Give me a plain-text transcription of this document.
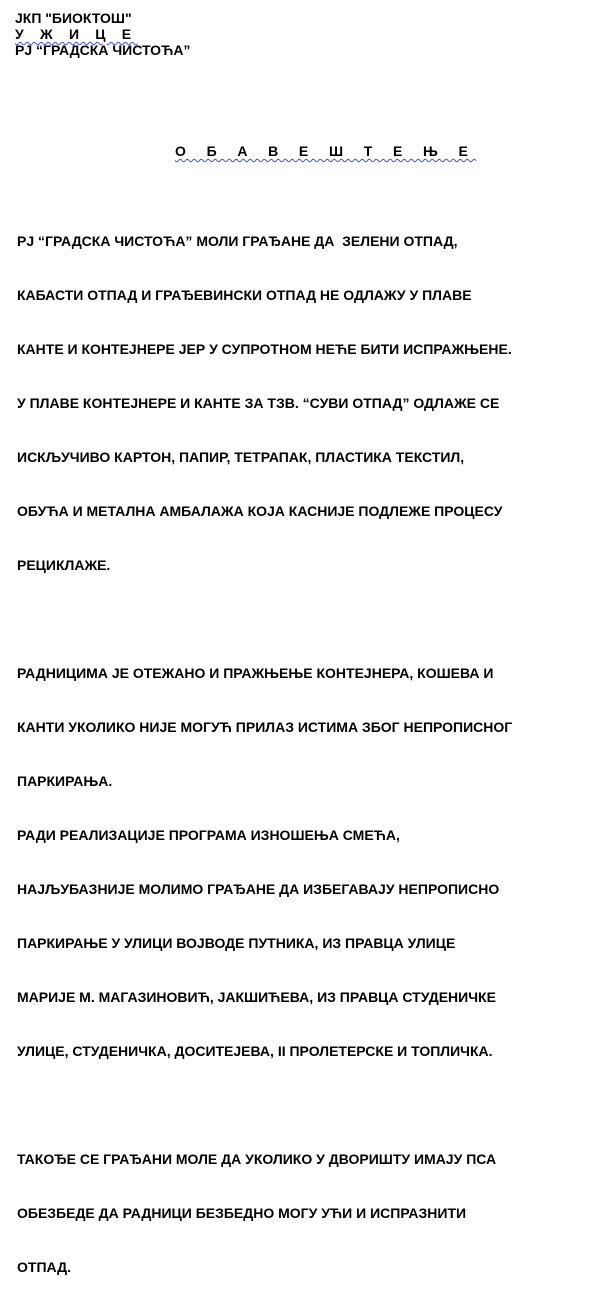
ЈКП "БИОКТОШ"
У Ж И Ц Е
РЈ “ГРАДСКА ЧИСТОЋА”
О Б А В Е Ш Т Е Њ Е

РЈ “ГРАДСКА ЧИСТОЋА” МОЛИ ГРАЂАНЕ ДА  ЗЕЛЕНИ ОТПАД,

КАБАСТИ ОТПАД И ГРАЂЕВИНСКИ ОТПАД НЕ ОДЛАЖУ У ПЛАВЕ

КАНТЕ И КОНТЕЈНЕРЕ ЈЕР У СУПРОТНОМ НЕЋЕ БИТИ ИСПРАЖЊЕНЕ.

У ПЛАВЕ КОНТЕЈНЕРЕ И КАНТЕ ЗА ТЗВ. “СУВИ ОТПАД” ОДЛАЖЕ СЕ

ИСКЉУЧИВО КАРТОН, ПАПИР, ТЕТРАПАК, ПЛАСТИКА ТЕКСТИЛ,

ОБУЋА И МЕТАЛНА АМБАЛАЖА КОЈА КАСНИЈЕ ПОДЛЕЖЕ ПРОЦЕСУ

РЕЦИКЛАЖЕ.

РАДНИЦИМА ЈЕ ОТЕЖАНО И ПРАЖЊЕЊЕ КОНТЕЈНЕРА, КОШЕВА И

КАНТИ УКОЛИКО НИЈЕ МОГУЋ ПРИЛАЗ ИСТИМА ЗБОГ НЕПРОПИСНОГ

ПАРКИРАЊА.

РАДИ РЕАЛИЗАЦИЈЕ ПРОГРАМА ИЗНОШЕЊА СМЕЋА,

НАЈЉУБАЗНИЈЕ МОЛИМО ГРАЂАНЕ ДА ИЗБЕГАВАЈУ НЕПРОПИСНО

ПАРКИРАЊЕ У УЛИЦИ ВОЈВОДЕ ПУТНИКА, ИЗ ПРАВЦА УЛИЦЕ

МАРИЈЕ М. МАГАЗИНОВИЋ, ЈАКШИЋЕВА, ИЗ ПРАВЦА СТУДЕНИЧКЕ

УЛИЦЕ, СТУДЕНИЧКА, ДОСИТЕЈЕВА, II ПРОЛЕТЕРСКЕ И ТОПЛИЧКА.

ТАКОЂЕ СЕ ГРАЂАНИ МОЛЕ ДА УКОЛИКО У ДВОРИШТУ ИМАЈУ ПСА

ОБЕЗБЕДЕ ДА РАДНИЦИ БЕЗБЕДНО МОГУ УЋИ И ИСПРАЗНИТИ

ОТПАД.
